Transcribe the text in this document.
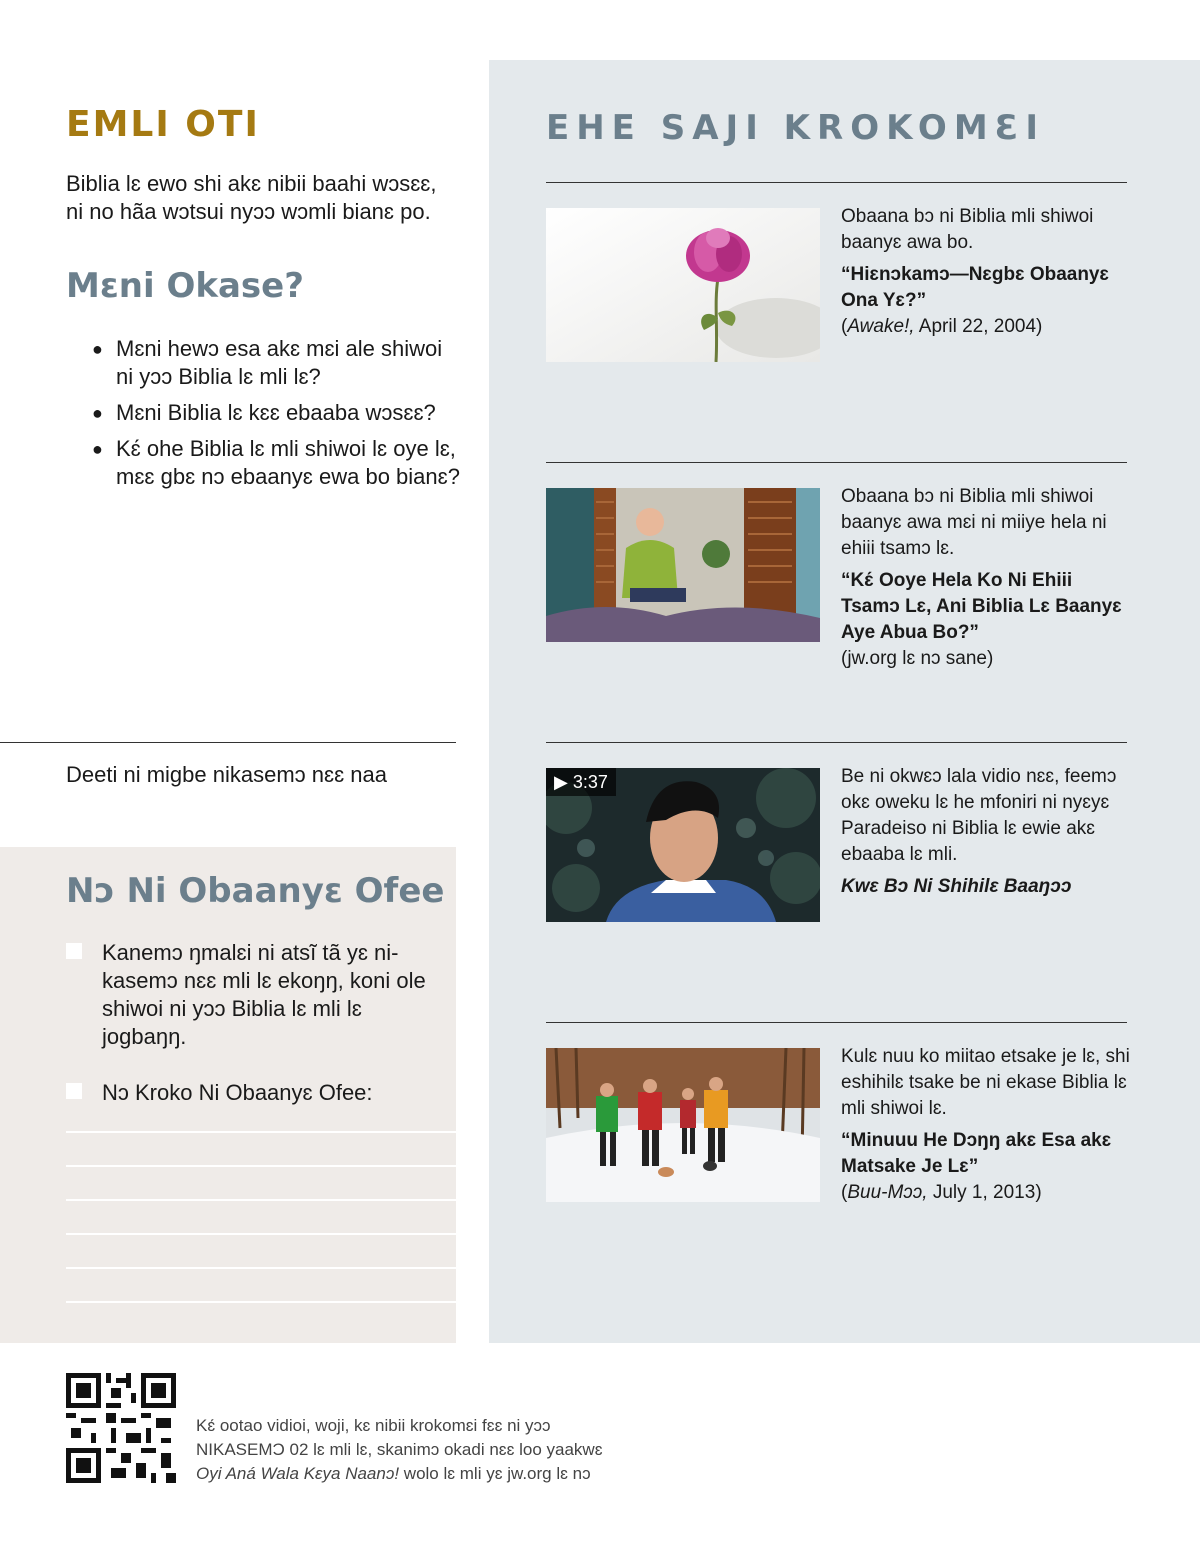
EMLI OTI

Biblia lɛ ewo shi akɛ nibii baahi wɔsɛɛ, ni no hãa wɔtsui nyɔɔ wɔmli bianɛ po.

Mɛni Okase?
● Mɛni hewɔ esa akɛ mɛi ale shiwoi ni yɔɔ Biblia lɛ mli lɛ?
● Mɛni Biblia lɛ kɛɛ ebaaba wɔsɛɛ?
● Kɛ́ ohe Biblia lɛ mli shiwoi lɛ oye lɛ, mɛɛ gbɛ nɔ ebaanyɛ ewa bo bianɛ?

Deeti ni migbe nikasemɔ nɛɛ naa

Nɔ Ni Obaanyɛ Ofee
Kanemɔ ŋmalɛi ni atsĩ tã yɛ ni-kasemɔ nɛɛ mli lɛ ekoŋŋ, koni ole shiwoi ni yɔɔ Biblia lɛ mli lɛ jogbaŋŋ.
Nɔ Kroko Ni Obaanyɛ Ofee:
EHE SAJI KROKOMƐI

Obaana bɔ ni Biblia mli shiwoi baanyɛ awa bo.

“Hiɛnɔkamɔ—Nɛgbɛ Obaanyɛ Ona Yɛ?”

(Awake!, April 22, 2004)

Obaana bɔ ni Biblia mli shiwoi baanyɛ awa mɛi ni miiye hela ni ehiii tsamɔ lɛ.

“Kɛ́ Ooye Hela Ko Ni Ehiii Tsamɔ Lɛ, Ani Biblia Lɛ Baanyɛ Aye Abua Bo?”

(jw.org lɛ nɔ sane)

▶ 3:37	Be ni okwɛɔ lala vidio nɛɛ, feemɔ okɛ oweku lɛ he mfoniri ni nyɛyɛ Paradeiso ni Biblia lɛ ewie akɛ ebaaba lɛ mli.

Kwɛ Bɔ Ni Shihilɛ Baaŋɔɔ

Kulɛ nuu ko miitao etsake je lɛ, shi eshihilɛ tsake be ni ekase Biblia lɛ mli shiwoi lɛ.

“Minuuu He Dɔŋŋ akɛ Esa akɛ Matsake Je Lɛ”

(Buu-Mɔɔ, July 1, 2013)

Kɛ́ ootao vidioi, woji, kɛ nibii krokomɛi fɛɛ ni yɔɔ
NIKASEMƆ 02 lɛ mli lɛ, skanimɔ okadi nɛɛ loo yaakwɛ
Oyi Aná Wala Kɛya Naanɔ! wolo lɛ mli yɛ jw.org lɛ nɔ
